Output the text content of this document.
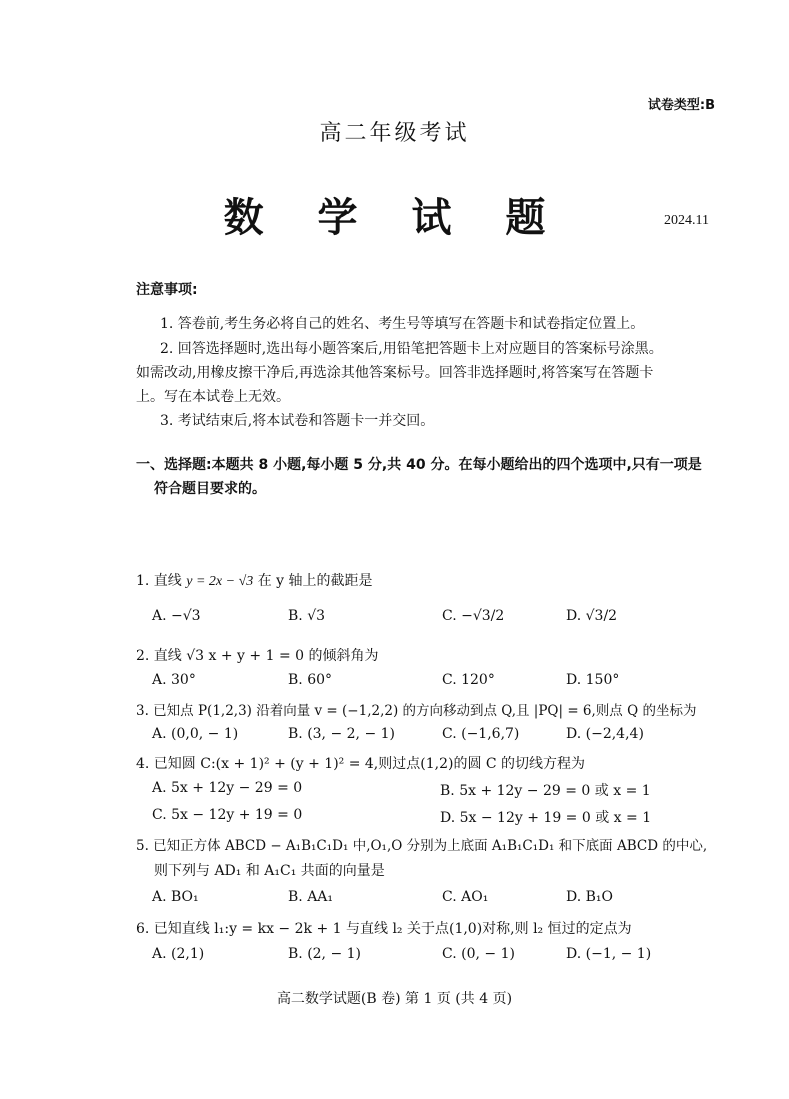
试卷类型:B
高二年级考试
数 学 试 题	2024.11
注意事项:
1. 答卷前,考生务必将自己的姓名、考生号等填写在答题卡和试卷指定位置上。
2. 回答选择题时,选出每小题答案后,用铅笔把答题卡上对应题目的答案标号涂黑。
如需改动,用橡皮擦干净后,再选涂其他答案标号。回答非选择题时,将答案写在答题卡
上。写在本试卷上无效。
3. 考试结束后,将本试卷和答题卡一并交回。
一、选择题:本题共 8 小题,每小题 5 分,共 40 分。在每小题给出的四个选项中,只有一项是
符合题目要求的。
1. 直线 y = 2x − √3 在 y 轴上的截距是
A. −√3	B. √3	C. −√3/2	D. √3/2
2. 直线 √3 x + y + 1 = 0 的倾斜角为
A. 30°	B. 60°	C. 120°	D. 150°
3. 已知点 P(1,2,3) 沿着向量 v = (−1,2,2) 的方向移动到点 Q,且 |PQ| = 6,则点 Q 的坐标为
A. (0,0, − 1)	B. (3, − 2, − 1)	C. (−1,6,7)	D. (−2,4,4)
4. 已知圆 C:(x + 1)² + (y + 1)² = 4,则过点(1,2)的圆 C 的切线方程为
A. 5x + 12y − 29 = 0	B. 5x + 12y − 29 = 0 或 x = 1
C. 5x − 12y + 19 = 0	D. 5x − 12y + 19 = 0 或 x = 1
5. 已知正方体 ABCD − A₁B₁C₁D₁ 中,O₁,O 分别为上底面 A₁B₁C₁D₁ 和下底面 ABCD 的中心,
则下列与 AD₁ 和 A₁C₁ 共面的向量是
A. BO₁	B. AA₁	C. AO₁	D. B₁O
6. 已知直线 l₁:y = kx − 2k + 1 与直线 l₂ 关于点(1,0)对称,则 l₂ 恒过的定点为
A. (2,1)	B. (2, − 1)	C. (0, − 1)	D. (−1, − 1)
高二数学试题(B 卷) 第 1 页 (共 4 页)
